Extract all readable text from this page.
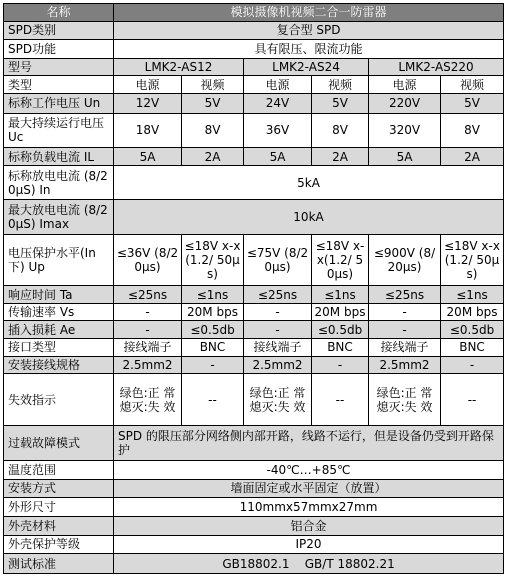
名称	模拟摄像机视频二合一防雷器					
SPD类别	复合型 SPD					
SPD功能	具有限压、限流功能					
型号	LMK2-AS12		LMK2-AS24		LMK2-AS220	
类型	电源	视频	电源	视频	电源	视频
标称工作电压 Un	12V	5V	24V	5V	220V	5V
最大持续运行电压 Uc	18V	8V	36V	8V	320V	8V
标称负载电流 IL	5A	2A	5A	2A	5A	2A
标称放电电流 (8/20μS) In	5kA					
最大放电电流 (8/20μS) Imax	10kA					
电压保护水平(In 下) Up	≤36V (8/20μs)	≤18V x-x(1.2/ 50μs)	≤75V (8/20μs)	≤18V x-x(1.2/ 50μs)	≤900V (8/20μs)	≤18V x-x(1.2/ 50μs)
响应时间 Ta	≤25ns	≤1ns	≤25ns	≤1ns	≤25ns	≤1ns
传输速率 Vs	-	20M bps	-	20M bps	-	20M bps
插入损耗 Ae	-	≤0.5db	-	≤0.5db	-	≤0.5db
接口类型	接线端子	BNC	接线端子	BNC	接线端子	BNC
安装接线规格	2.5mm2	-	2.5mm2	-	2.5mm2	-
失效指示	绿色:正 常 熄灭:失 效	--	绿色:正 常 熄灭:失 效	--	绿色:正 常 熄灭:失 效	--
过载故障模式	SPD 的限压部分网络侧内部开路，线路不运行，但是设备仍受到开路保护					
温度范围	-40℃…+85℃					
安装方式	墙面固定或水平固定（放置）					
外形尺寸	110mmx57mmx27mm					
外壳材料	铝合金					
外壳保护等级	IP20					
测试标准	GB18802.1    GB/T 18802.21					
